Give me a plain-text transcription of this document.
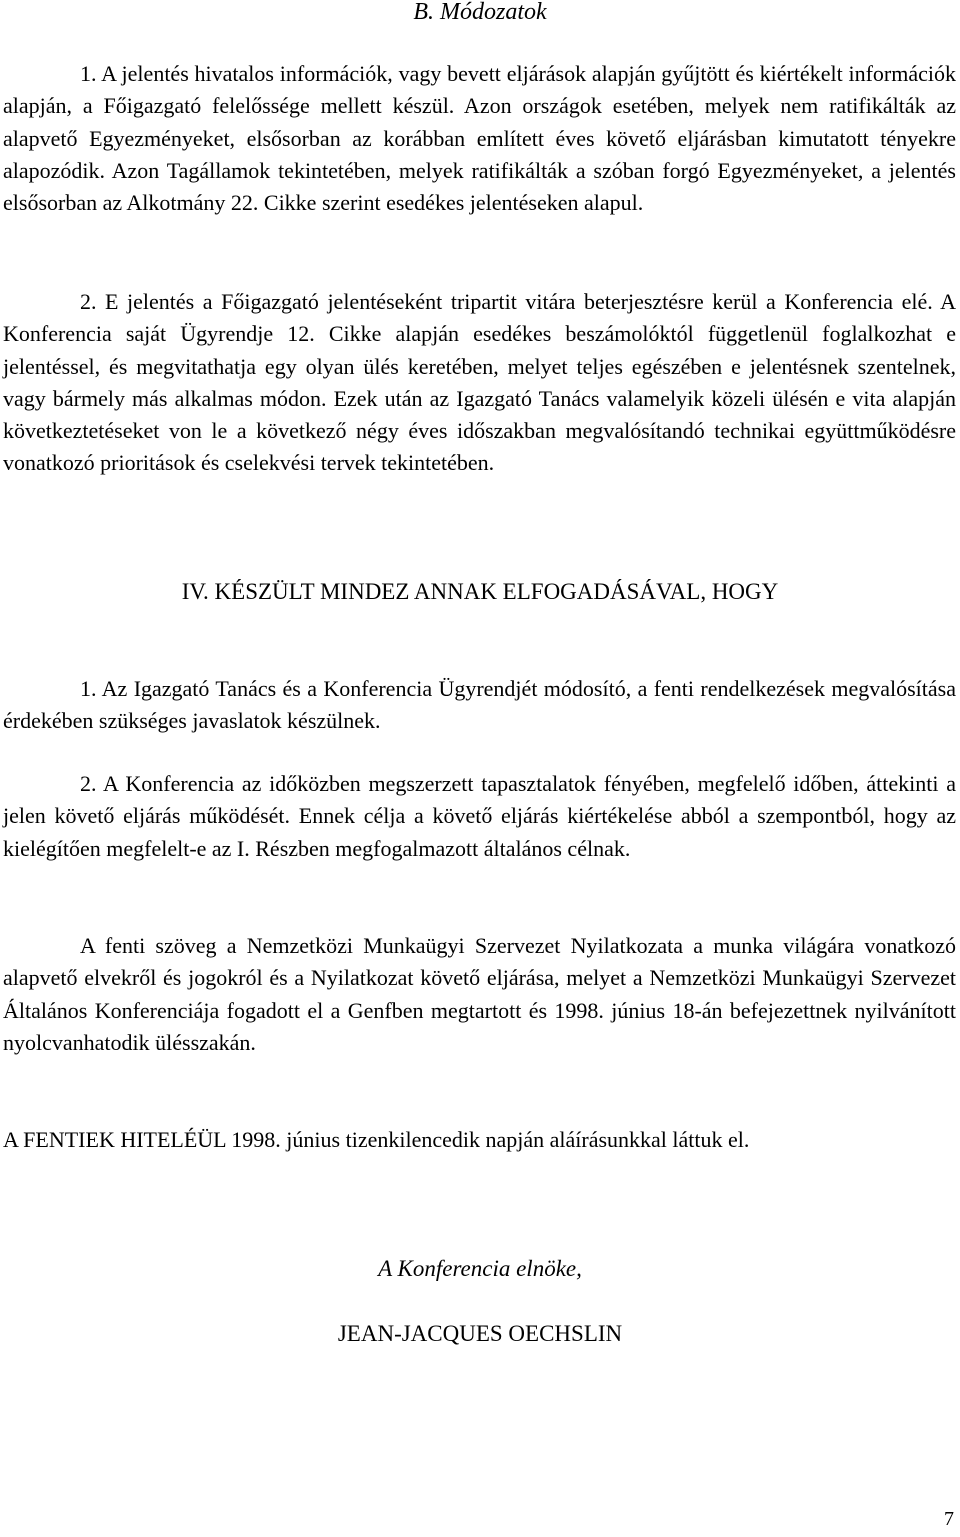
B. Módozatok
1. A jelentés hivatalos információk, vagy bevett eljárások alapján gyűjtött és kiértékelt információk alapján, a Főigazgató felelőssége mellett készül. Azon országok esetében, melyek nem ratifikálták az alapvető Egyezményeket, elsősorban az korábban említett éves követő eljárásban kimutatott tényekre alapozódik. Azon Tagállamok tekintetében, melyek ratifikálták a szóban forgó Egyezményeket, a jelentés elsősorban az Alkotmány 22. Cikke szerint esedékes jelentéseken alapul.
2. E jelentés a Főigazgató jelentéseként tripartit vitára beterjesztésre kerül a Konferencia elé. A Konferencia saját Ügyrendje 12. Cikke alapján esedékes beszámolóktól függetlenül foglalkozhat e jelentéssel, és megvitathatja egy olyan ülés keretében, melyet teljes egészében e jelentésnek szentelnek, vagy bármely más alkalmas módon. Ezek után az Igazgató Tanács valamelyik közeli ülésén e vita alapján következtetéseket von le a következő négy éves időszakban megvalósítandó technikai együttműködésre vonatkozó prioritások és cselekvési tervek tekintetében.
IV. KÉSZÜLT MINDEZ ANNAK ELFOGADÁSÁVAL, HOGY
1. Az Igazgató Tanács és a Konferencia Ügyrendjét módosító, a fenti rendelkezések megvalósítása érdekében szükséges javaslatok készülnek.
2. A Konferencia az időközben megszerzett tapasztalatok fényében, megfelelő időben, áttekinti a jelen követő eljárás működését. Ennek célja a követő eljárás kiértékelése abból a szempontból, hogy az kielégítően megfelelt-e az I. Részben megfogalmazott általános célnak.
A fenti szöveg a Nemzetközi Munkaügyi Szervezet Nyilatkozata a munka világára vonatkozó alapvető elvekről és jogokról és a Nyilatkozat követő eljárása, melyet a Nemzetközi Munkaügyi Szervezet Általános Konferenciája fogadott el a Genfben megtartott és 1998. június 18-án befejezettnek nyilvánított nyolcvanhatodik ülésszakán.
A FENTIEK HITELÉÜL 1998. június tizenkilencedik napján aláírásunkkal láttuk el.
A Konferencia elnöke,
JEAN-JACQUES OECHSLIN
7
